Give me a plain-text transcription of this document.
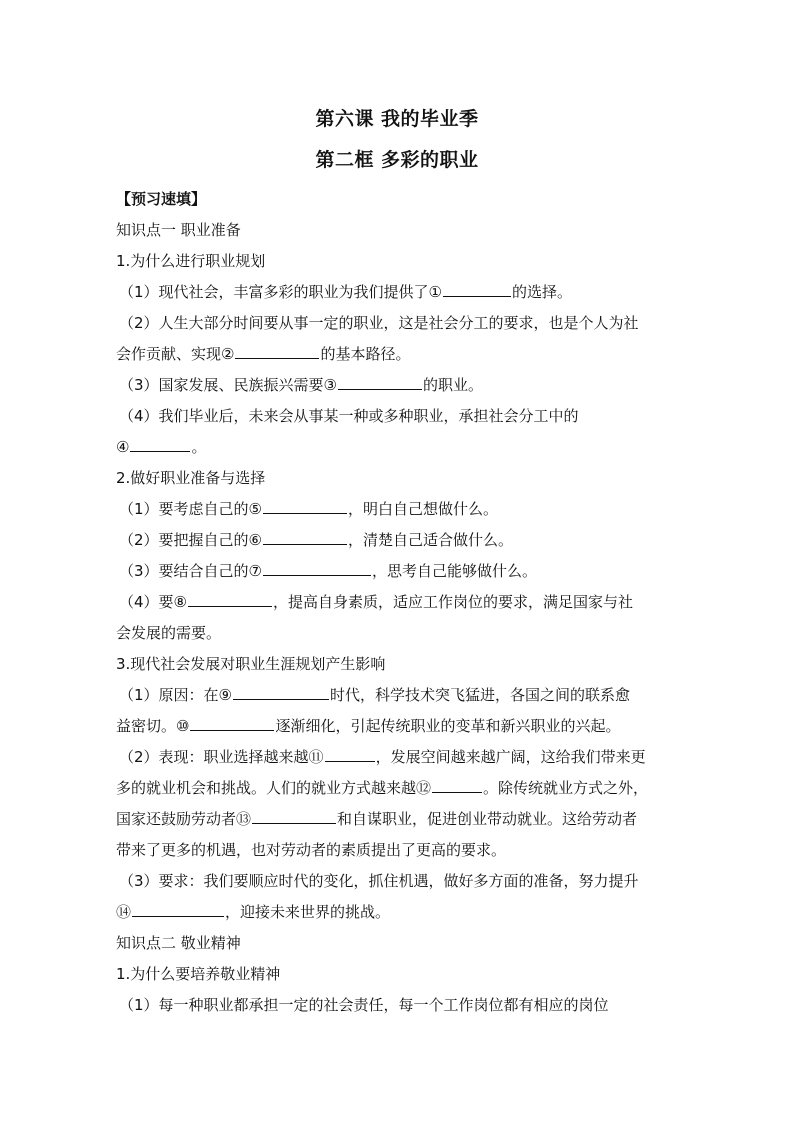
第六课 我的毕业季
第二框 多彩的职业
【预习速填】
知识点一 职业准备
1.为什么进行职业规划
（1）现代社会，丰富多彩的职业为我们提供了①	的选择。
（2）人生大部分时间要从事一定的职业，这是社会分工的要求，也是个人为社
会作贡献、实现②	的基本路径。
（3）国家发展、民族振兴需要③	的职业。
（4）我们毕业后，未来会从事某一种或多种职业，承担社会分工中的
④	。
2.做好职业准备与选择
（1）要考虑自己的⑤	，明白自己想做什么。
（2）要把握自己的⑥	，清楚自己适合做什么。
（3）要结合自己的⑦	，思考自己能够做什么。
（4）要⑧	，提高自身素质，适应工作岗位的要求，满足国家与社
会发展的需要。
3.现代社会发展对职业生涯规划产生影响
（1）原因：在⑨	时代，科学技术突飞猛进，各国之间的联系愈
益密切。⑩	逐渐细化，引起传统职业的变革和新兴职业的兴起。
（2）表现：职业选择越来越⑪	，发展空间越来越广阔，这给我们带来更
多的就业机会和挑战。人们的就业方式越来越⑫	。除传统就业方式之外，
国家还鼓励劳动者⑬	和自谋职业，促进创业带动就业。这给劳动者
带来了更多的机遇，也对劳动者的素质提出了更高的要求。
（3）要求：我们要顺应时代的变化，抓住机遇，做好多方面的准备，努力提升
⑭	，迎接未来世界的挑战。
知识点二 敬业精神
1.为什么要培养敬业精神
（1）每一种职业都承担一定的社会责任，每一个工作岗位都有相应的岗位
